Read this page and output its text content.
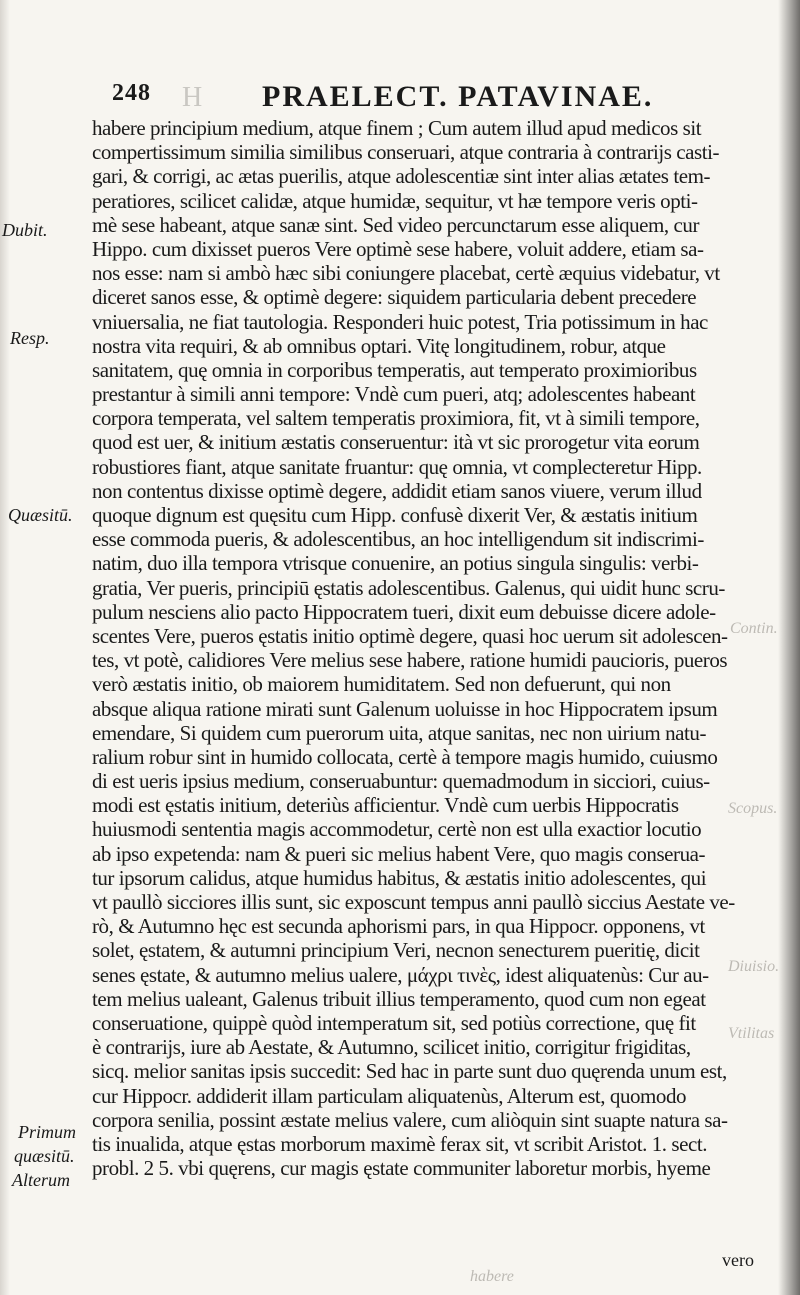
248	PRAELECT. PATAVINAE.
H
Dubit.
Resp.
Quæsitū.
Primum
quæsitū.
Alterum
Contin.
Scopus.
Diuisio.
Vtilitas
habere
habere principium medium, atque finem ; Cum autem illud apud medicos sit
compertissimum similia similibus conseruari, atque contraria à contrarijs casti-
gari, & corrigi, ac ætas puerilis, atque adolescentiæ sint inter alias ætates tem-
peratiores, scilicet calidæ, atque humidæ, sequitur, vt hæ tempore veris opti-
mè sese habeant, atque sanæ sint. Sed video percunctarum esse aliquem, cur
Hippo. cum dixisset pueros Vere optimè sese habere, voluit addere, etiam sa-
nos esse: nam si ambò hæc sibi coniungere placebat, certè æquius videbatur, vt
diceret sanos esse, & optimè degere: siquidem particularia debent precedere
vniuersalia, ne fiat tautologia. Responderi huic potest, Tria potissimum in hac
nostra vita requiri, & ab omnibus optari. Vitę longitudinem, robur, atque
sanitatem, quę omnia in corporibus temperatis, aut temperato proximioribus
prestantur à simili anni tempore: Vndè cum pueri, atq; adolescentes habeant
corpora temperata, vel saltem temperatis proximiora, fit, vt à simili tempore,
quod est uer, & initium æstatis conseruentur: ità vt sic prorogetur vita eorum
robustiores fiant, atque sanitate fruantur: quę omnia, vt complecteretur Hipp.
non contentus dixisse optimè degere, addidit etiam sanos viuere, verum illud
quoque dignum est quęsitu cum Hipp. confusè dixerit Ver, & æstatis initium
esse commoda pueris, & adolescentibus, an hoc intelligendum sit indiscrimi-
natim, duo illa tempora vtrisque conuenire, an potius singula singulis: verbi-
gratia, Ver pueris, principiū ęstatis adolescentibus. Galenus, qui uidit hunc scru-
pulum nesciens alio pacto Hippocratem tueri, dixit eum debuisse dicere adole-
scentes Vere, pueros ęstatis initio optimè degere, quasi hoc uerum sit adolescen-
tes, vt potè, calidiores Vere melius sese habere, ratione humidi paucioris, pueros
verò æstatis initio, ob maiorem humiditatem. Sed non defuerunt, qui non
absque aliqua ratione mirati sunt Galenum uoluisse in hoc Hippocratem ipsum
emendare, Si quidem cum puerorum uita, atque sanitas, nec non uirium natu-
ralium robur sint in humido collocata, certè à tempore magis humido, cuiusmo
di est ueris ipsius medium, conseruabuntur: quemadmodum in sicciori, cuius-
modi est ęstatis initium, deteriùs afficientur. Vndè cum uerbis Hippocratis
huiusmodi sententia magis accommodetur, certè non est ulla exactior locutio
ab ipso expetenda: nam & pueri sic melius habent Vere, quo magis conserua-
tur ipsorum calidus, atque humidus habitus, & æstatis initio adolescentes, qui
vt paullò sicciores illis sunt, sic exposcunt tempus anni paullò siccius Aestate ve-
rò, & Autumno hęc est secunda aphorismi pars, in qua Hippocr. opponens, vt
solet, ęstatem, & autumni principium Veri, necnon senecturem pueritię, dicit
senes ęstate, & autumno melius ualere, μάχρι τινὲς, idest aliquatenùs: Cur au-
tem melius ualeant, Galenus tribuit illius temperamento, quod cum non egeat
conseruatione, quippè quòd intemperatum sit, sed potiùs correctione, quę fit
è contrarijs, iure ab Aestate, & Autumno, scilicet initio, corrigitur frigiditas,
sicq. melior sanitas ipsis succedit: Sed hac in parte sunt duo quęrenda unum est,
cur Hippocr. addiderit illam particulam aliquatenùs, Alterum est, quomodo
corpora senilia, possint æstate melius valere, cum aliòquin sint suapte natura sa-
tis inualida, atque ęstas morborum maximè ferax sit, vt scribit Aristot. 1. sect.
probl. 2 5. vbi quęrens, cur magis ęstate communiter laboretur morbis, hyeme
vero
